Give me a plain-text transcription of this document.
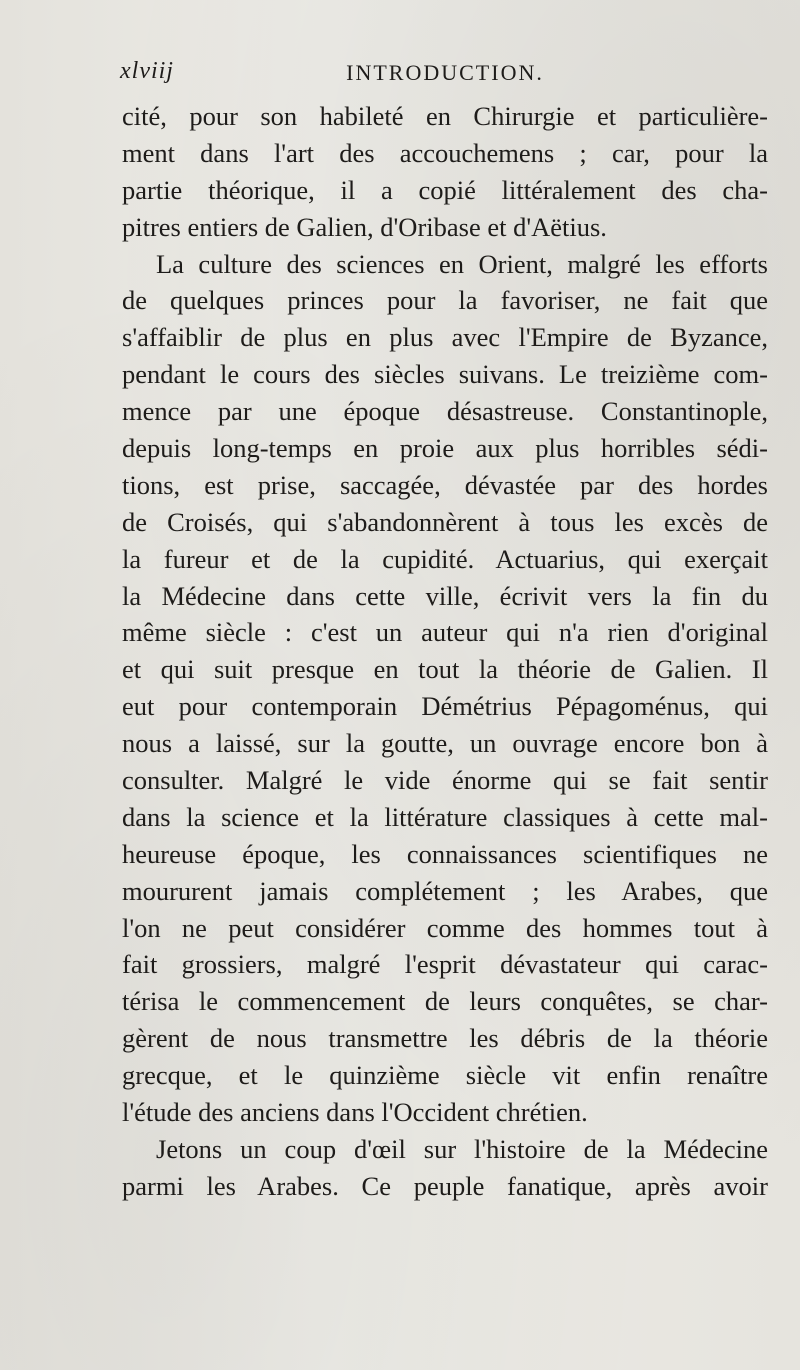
xlviij	INTRODUCTION.
cité, pour son habileté en Chirurgie et particulière-
ment dans l'art des accouchemens ; car, pour la
partie théorique, il a copié littéralement des cha-
pitres entiers de Galien, d'Oribase et d'Aëtius.
La culture des sciences en Orient, malgré les efforts
de quelques princes pour la favoriser, ne fait que
s'affaiblir de plus en plus avec l'Empire de Byzance,
pendant le cours des siècles suivans. Le treizième com-
mence par une époque désastreuse. Constantinople,
depuis long-temps en proie aux plus horribles sédi-
tions, est prise, saccagée, dévastée par des hordes
de Croisés, qui s'abandonnèrent à tous les excès de
la fureur et de la cupidité. Actuarius, qui exerçait
la Médecine dans cette ville, écrivit vers la fin du
même siècle : c'est un auteur qui n'a rien d'original
et qui suit presque en tout la théorie de Galien. Il
eut pour contemporain Démétrius Pépagoménus, qui
nous a laissé, sur la goutte, un ouvrage encore bon à
consulter. Malgré le vide énorme qui se fait sentir
dans la science et la littérature classiques à cette mal-
heureuse époque, les connaissances scientifiques ne
moururent jamais complétement ; les Arabes, que
l'on ne peut considérer comme des hommes tout à
fait grossiers, malgré l'esprit dévastateur qui carac-
térisa le commencement de leurs conquêtes, se char-
gèrent de nous transmettre les débris de la théorie
grecque, et le quinzième siècle vit enfin renaître
l'étude des anciens dans l'Occident chrétien.
Jetons un coup d'œil sur l'histoire de la Médecine
parmi les Arabes. Ce peuple fanatique, après avoir
